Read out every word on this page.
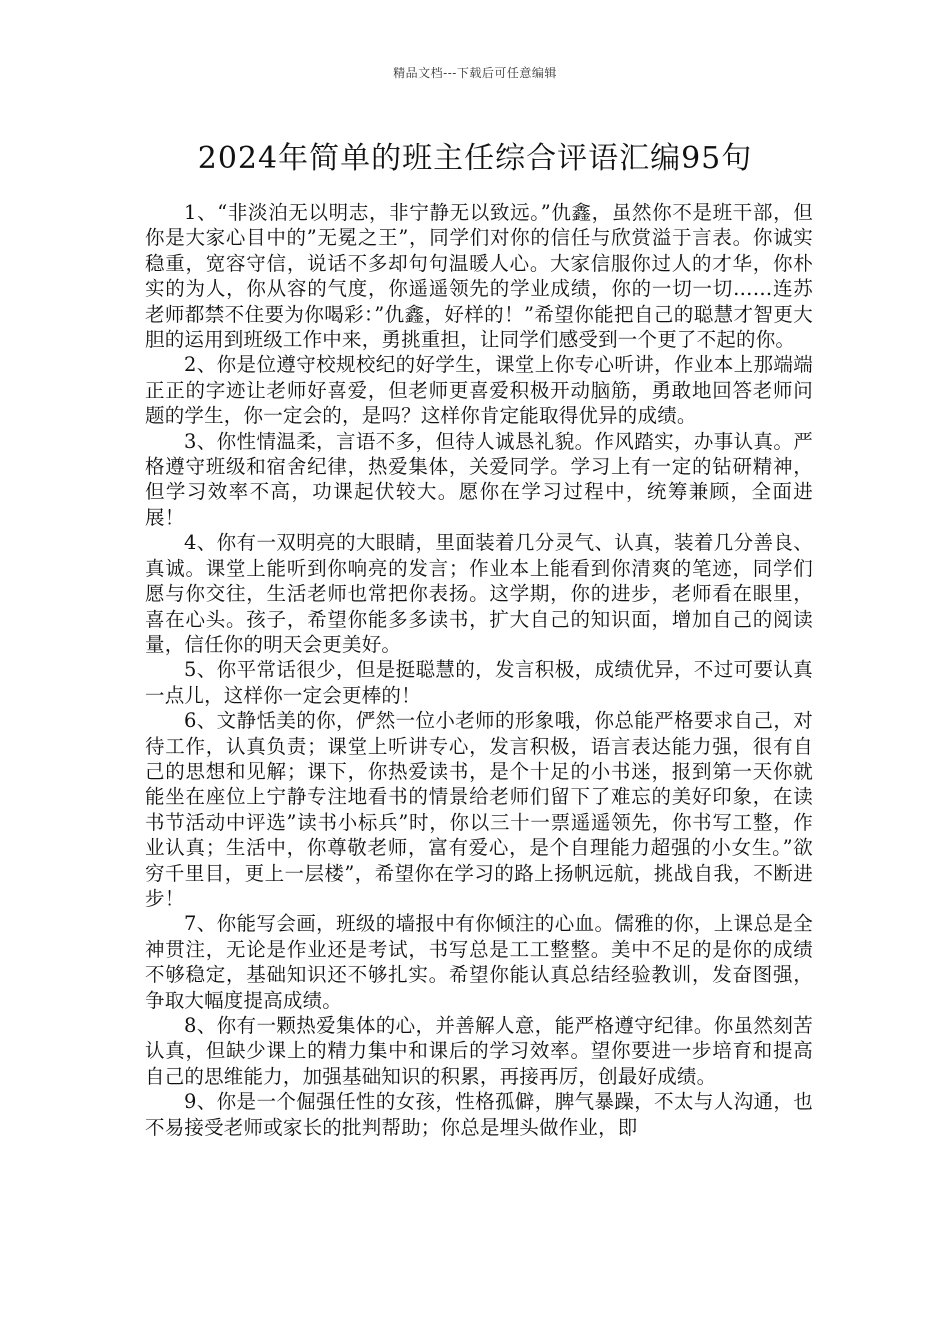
精品文档---下载后可任意编辑
2024年简单的班主任综合评语汇编95句

1、“非淡泊无以明志，非宁静无以致远。”仇鑫，虽然你不是班干部，但你是大家心目中的”无冕之王”，同学们对你的信任与欣赏溢于言表。你诚实稳重，宽容守信，说话不多却句句温暖人心。大家信服你过人的才华，你朴实的为人，你从容的气度，你遥遥领先的学业成绩，你的一切一切……连苏老师都禁不住要为你喝彩：”仇鑫，好样的！”希望你能把自己的聪慧才智更大胆的运用到班级工作中来，勇挑重担，让同学们感受到一个更了不起的你。

2、你是位遵守校规校纪的好学生，课堂上你专心听讲，作业本上那端端正正的字迹让老师好喜爱，但老师更喜爱积极开动脑筋，勇敢地回答老师问题的学生，你一定会的，是吗？这样你肯定能取得优异的成绩。

3、你性情温柔，言语不多，但待人诚恳礼貌。作风踏实，办事认真。严格遵守班级和宿舍纪律，热爱集体，关爱同学。学习上有一定的钻研精神，但学习效率不高，功课起伏较大。愿你在学习过程中，统筹兼顾，全面进展！

4、你有一双明亮的大眼睛，里面装着几分灵气、认真，装着几分善良、真诚。课堂上能听到你响亮的发言；作业本上能看到你清爽的笔迹，同学们愿与你交往，生活老师也常把你表扬。这学期，你的进步，老师看在眼里，喜在心头。孩子，希望你能多多读书，扩大自己的知识面，增加自己的阅读量，信任你的明天会更美好。

5、你平常话很少，但是挺聪慧的，发言积极，成绩优异，不过可要认真一点儿，这样你一定会更棒的！

6、文静恬美的你，俨然一位小老师的形象哦，你总能严格要求自己，对待工作，认真负责；课堂上听讲专心，发言积极，语言表达能力强，很有自己的思想和见解；课下，你热爱读书，是个十足的小书迷，报到第一天你就能坐在座位上宁静专注地看书的情景给老师们留下了难忘的美好印象，在读书节活动中评选”读书小标兵”时，你以三十一票遥遥领先，你书写工整，作业认真；生活中，你尊敬老师，富有爱心，是个自理能力超强的小女生。”欲穷千里目，更上一层楼”，希望你在学习的路上扬帆远航，挑战自我，不断进步！

7、你能写会画，班级的墙报中有你倾注的心血。儒雅的你，上课总是全神贯注，无论是作业还是考试，书写总是工工整整。美中不足的是你的成绩不够稳定，基础知识还不够扎实。希望你能认真总结经验教训，发奋图强，争取大幅度提高成绩。

8、你有一颗热爱集体的心，并善解人意，能严格遵守纪律。你虽然刻苦认真，但缺少课上的精力集中和课后的学习效率。望你要进一步培育和提高自己的思维能力，加强基础知识的积累，再接再厉，创最好成绩。

9、你是一个倔强任性的女孩，性格孤僻，脾气暴躁，不太与人沟通，也不易接受老师或家长的批判帮助；你总是埋头做作业，即
